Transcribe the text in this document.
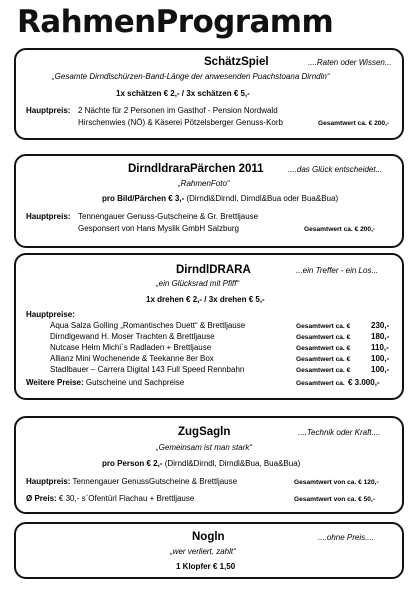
RahmenProgramm
SchätzSpiel	....Raten oder Wissen...
„Gesamte Dirndlschürzen-Band-Länge der anwesenden Puachstoana Dirndln“
1x schätzen € 2,- / 3x schätzen € 5,-
Hauptpreis: 2 Nächte für 2 Personen im Gasthof - Pension Nordwald
Hirschenwies (NÖ) & Käserei Pötzelsberger Genuss-Korb	Gesamtwert ca. € 200,-
DirndldraraPärchen 2011	....das Glück entscheidet...
„RahmenFoto“
pro Bild/Pärchen € 3,- (Dirndl&Dirndl, Dirndl&Bua oder Bua&Bua)
Hauptpreis: Tennengauer Genuss-Gutscheine & Gr. Brettljause
Gesponsert von Hans Myslik GmbH Salzburg	Gesamtwert ca. € 200,-
DirndlDRARA	...ein Treffer - ein Los...
„ein Glücksrad mit Pfiff“
1x drehen € 2,- / 3x drehen € 5,-
Hauptpreise:
Aqua Salza Golling „Romantisches Duett“ & Brettljause	Gesamtwert ca. €	230,-
Dirndlgewand H. Moser Trachten & Brettljause	Gesamtwert ca. €	180,-
Nutcase Helm Michi`s Radladen + Brettljause	Gesamtwert ca. €	110,-
Allianz Mini Wochenende & Teekanne 8er Box	Gesamtwert ca. €	100,-
Stadlbauer – Carrera Digital 143 Full Speed Rennbahn	Gesamtwert ca. €	100,-
Weitere Preise: Gutscheine und Sachpreise	Gesamtwert ca. € 3.000,-
ZugSagln	....Technik oder Kraft....
„Gemeinsam ist man stark“
pro Person € 2,- (Dirndl&Dirndl, Dirndl&Bua, Bua&Bua)
Hauptpreis: Tennengauer GenussGutscheine & Brettljause	Gesamtwert von ca. € 120,-
Ø Preis: € 30,- s`Ofentürl Flachau + Brettljause	Gesamtwert von ca. € 50,-
Nogln	....ohne Preis....
„wer verliert, zahlt“
1 Klopfer € 1,50
